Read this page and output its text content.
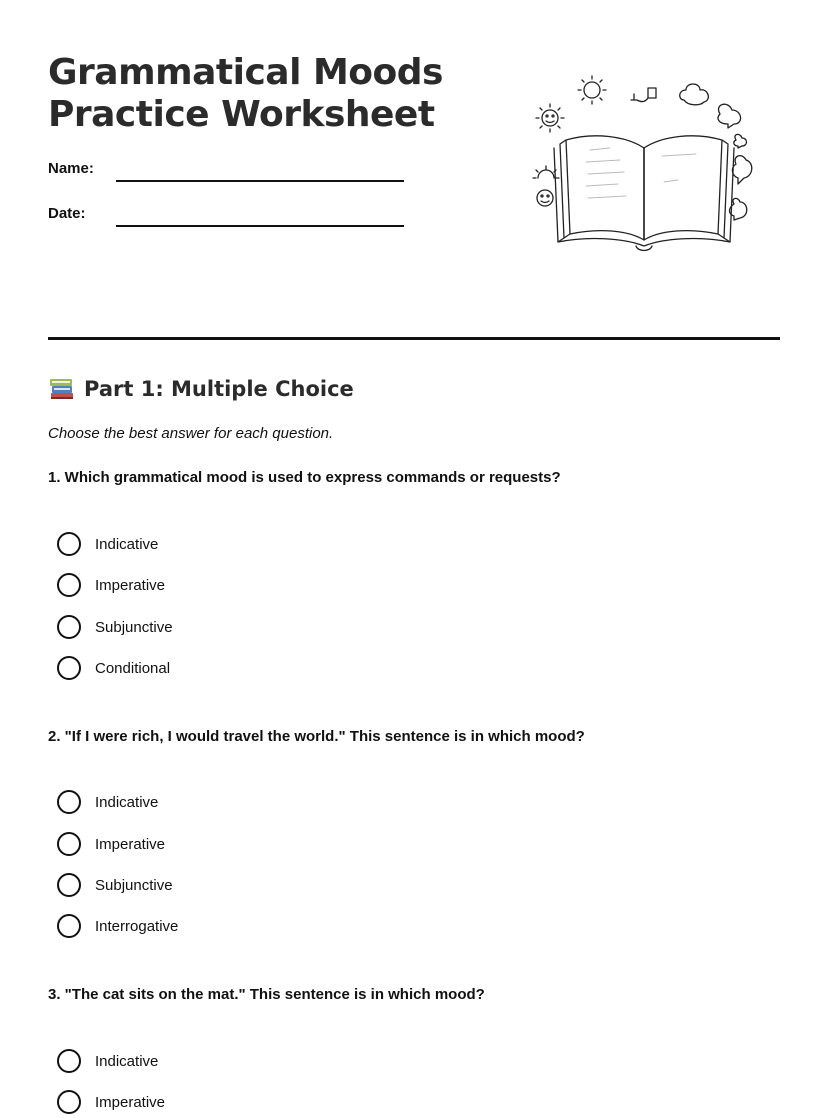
Grammatical Moods
Practice Worksheet
Name:
Date:
Part 1: Multiple Choice
Choose the best answer for each question.
1. Which grammatical mood is used to express commands or requests?
Indicative
Imperative
Subjunctive
Conditional
2. "If I were rich, I would travel the world." This sentence is in which mood?
Indicative
Imperative
Subjunctive
Interrogative
3. "The cat sits on the mat." This sentence is in which mood?
Indicative
Imperative
